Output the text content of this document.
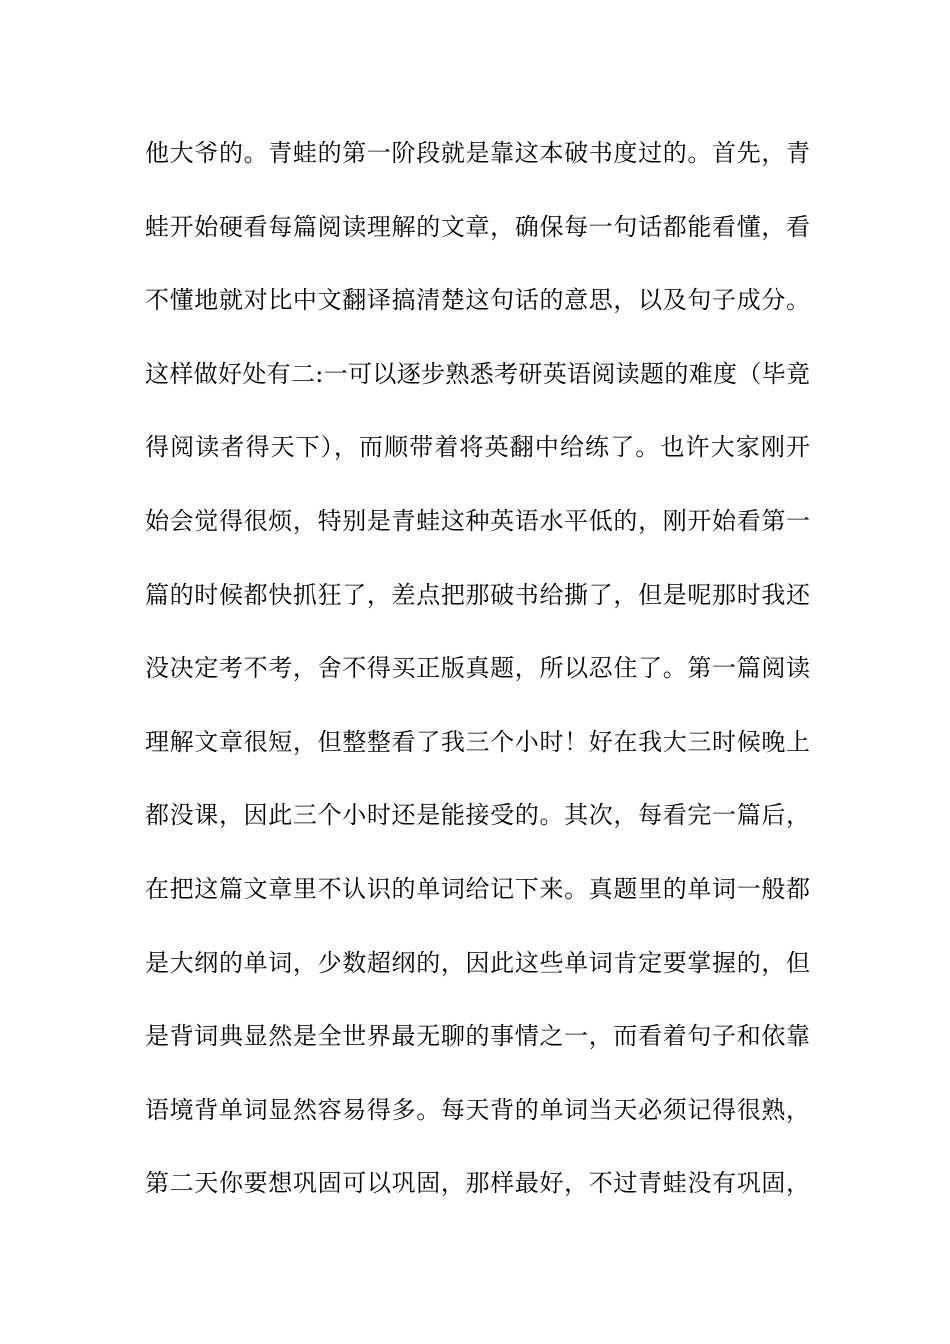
他大爷的。青蛙的第一阶段就是靠这本破书度过的。首先，青
蛙开始硬看每篇阅读理解的文章，确保每一句话都能看懂，看
不懂地就对比中文翻译搞清楚这句话的意思，以及句子成分。
这样做好处有二:一可以逐步熟悉考研英语阅读题的难度（毕竟
得阅读者得天下），而顺带着将英翻中给练了。也许大家刚开
始会觉得很烦，特别是青蛙这种英语水平低的，刚开始看第一
篇的时候都快抓狂了，差点把那破书给撕了，但是呢那时我还
没决定考不考，舍不得买正版真题，所以忍住了。第一篇阅读
理解文章很短，但整整看了我三个小时！好在我大三时候晚上
都没课，因此三个小时还是能接受的。其次，每看完一篇后，
在把这篇文章里不认识的单词给记下来。真题里的单词一般都
是大纲的单词，少数超纲的，因此这些单词肯定要掌握的，但
是背词典显然是全世界最无聊的事情之一，而看着句子和依靠
语境背单词显然容易得多。每天背的单词当天必须记得很熟，
第二天你要想巩固可以巩固，那样最好，不过青蛙没有巩固，
